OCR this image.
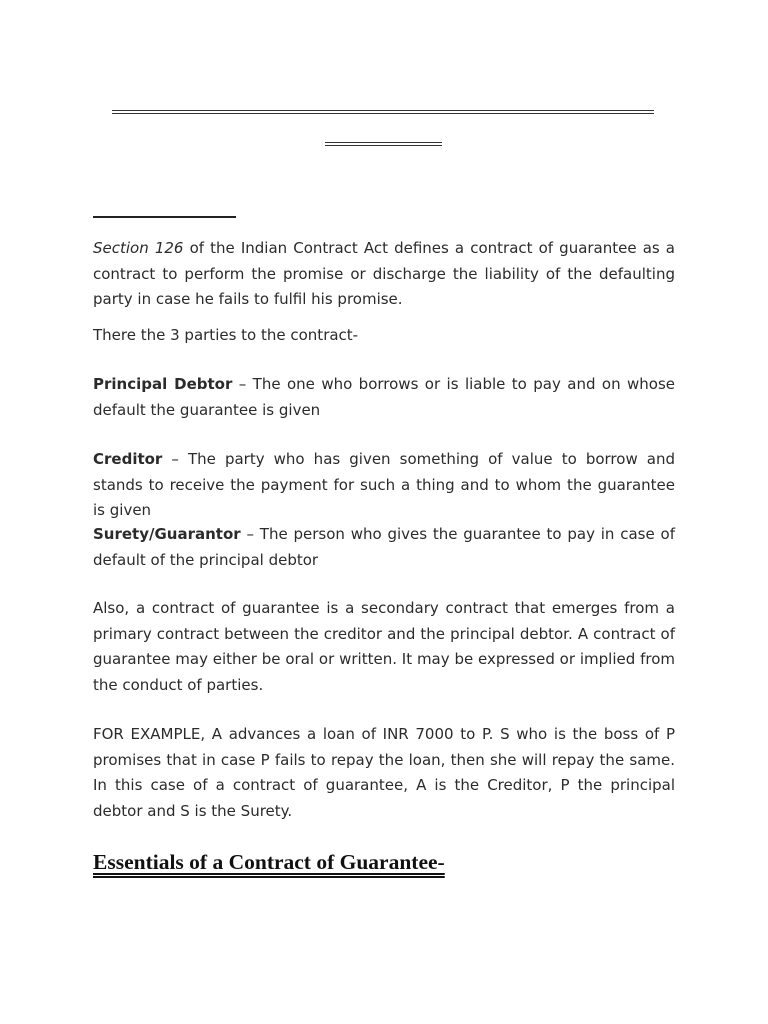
Section 126 of the Indian Contract Act defines a contract of guarantee as a contract to perform the promise or discharge the liability of the defaulting party in case he fails to fulfil his promise.

There the 3 parties to the contract-

Principal Debtor – The one who borrows or is liable to pay and on whose default the guarantee is given

Creditor – The party who has given something of value to borrow and stands to receive the payment for such a thing and to whom the guarantee is given

Surety/Guarantor – The person who gives the guarantee to pay in case of default of the principal debtor

Also, a contract of guarantee is a secondary contract that emerges from a primary contract between the creditor and the principal debtor. A contract of guarantee may either be oral or written. It may be expressed or implied from the conduct of parties.

FOR EXAMPLE, A advances a loan of INR 7000 to P. S who is the boss of P promises that in case P fails to repay the loan, then she will repay the same. In this case of a contract of guarantee, A is the Creditor, P the principal debtor and S is the Surety.

Essentials of a Contract of Guarantee-
